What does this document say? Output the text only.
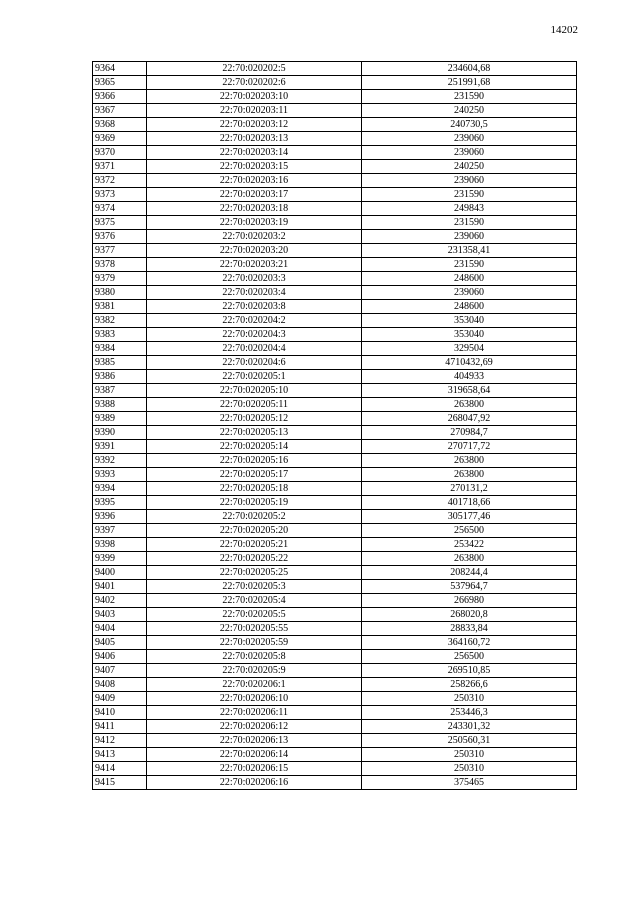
14202
9364	22:70:020202:5	234604,68
9365	22:70:020202:6	251991,68
9366	22:70:020203:10	231590
9367	22:70:020203:11	240250
9368	22:70:020203:12	240730,5
9369	22:70:020203:13	239060
9370	22:70:020203:14	239060
9371	22:70:020203:15	240250
9372	22:70:020203:16	239060
9373	22:70:020203:17	231590
9374	22:70:020203:18	249843
9375	22:70:020203:19	231590
9376	22:70:020203:2	239060
9377	22:70:020203:20	231358,41
9378	22:70:020203:21	231590
9379	22:70:020203:3	248600
9380	22:70:020203:4	239060
9381	22:70:020203:8	248600
9382	22:70:020204:2	353040
9383	22:70:020204:3	353040
9384	22:70:020204:4	329504
9385	22:70:020204:6	4710432,69
9386	22:70:020205:1	404933
9387	22:70:020205:10	319658,64
9388	22:70:020205:11	263800
9389	22:70:020205:12	268047,92
9390	22:70:020205:13	270984,7
9391	22:70:020205:14	270717,72
9392	22:70:020205:16	263800
9393	22:70:020205:17	263800
9394	22:70:020205:18	270131,2
9395	22:70:020205:19	401718,66
9396	22:70:020205:2	305177,46
9397	22:70:020205:20	256500
9398	22:70:020205:21	253422
9399	22:70:020205:22	263800
9400	22:70:020205:25	208244,4
9401	22:70:020205:3	537964,7
9402	22:70:020205:4	266980
9403	22:70:020205:5	268020,8
9404	22:70:020205:55	28833,84
9405	22:70:020205:59	364160,72
9406	22:70:020205:8	256500
9407	22:70:020205:9	269510,85
9408	22:70:020206:1	258266,6
9409	22:70:020206:10	250310
9410	22:70:020206:11	253446,3
9411	22:70:020206:12	243301,32
9412	22:70:020206:13	250560,31
9413	22:70:020206:14	250310
9414	22:70:020206:15	250310
9415	22:70:020206:16	375465
